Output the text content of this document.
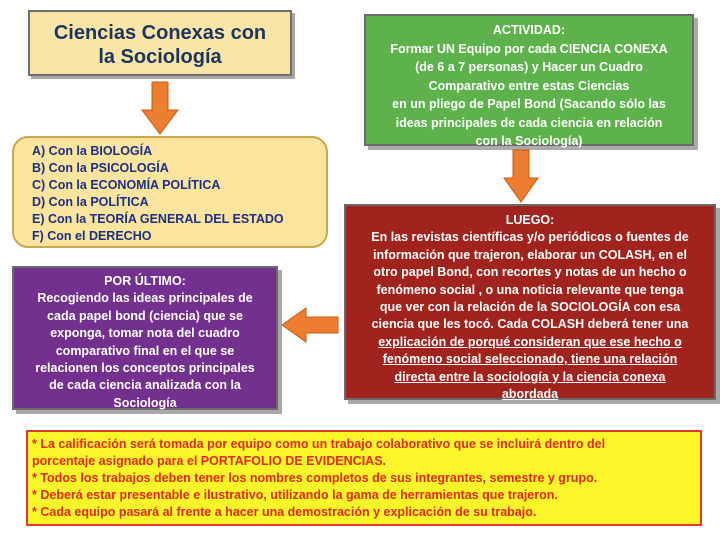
Ciencias Conexas con
la Sociología
ACTIVIDAD:
Formar UN Equipo por cada CIENCIA CONEXA
(de 6 a 7 personas) y Hacer un Cuadro
Comparativo entre estas Ciencias
en un pliego de Papel Bond (Sacando sólo las
ideas principales de cada ciencia en relación
con la Sociología)
A) Con la BIOLOGÍA
B) Con la PSICOLOGÍA
C) Con la ECONOMÍA POLÍTICA
D) Con la POLÍTICA
E) Con la TEORÍA GENERAL DEL ESTADO
F) Con el DERECHO
LUEGO:
En las revistas científicas y/o periódicos o fuentes de
información que trajeron, elaborar un COLASH, en el
otro papel Bond, con recortes y notas de un hecho o
fenómeno social , o una noticia relevante que tenga
que ver con la relación de la SOCIOLOGÍA con esa
ciencia que les tocó. Cada COLASH deberá tener una
explicación de porqué consideran que ese hecho o
fenómeno social seleccionado, tiene una relación
directa entre la sociología y la ciencia conexa
abordada
POR ÚLTIMO:
Recogiendo las ideas principales de
cada papel bond (ciencia) que se
exponga, tomar nota del cuadro
comparativo final en el que se
relacionen los conceptos principales
de cada ciencia analizada con la
Sociología
* La calificación será tomada por equipo como un trabajo colaborativo que se incluirá dentro del
porcentaje asignado para el PORTAFOLIO DE EVIDENCIAS.
* Todos los trabajos deben tener los nombres completos de sus integrantes, semestre y grupo.
* Deberá estar presentable e ilustrativo, utilizando la gama de herramientas que trajeron.
* Cada equipo pasará al frente a hacer una demostración y explicación de su trabajo.
